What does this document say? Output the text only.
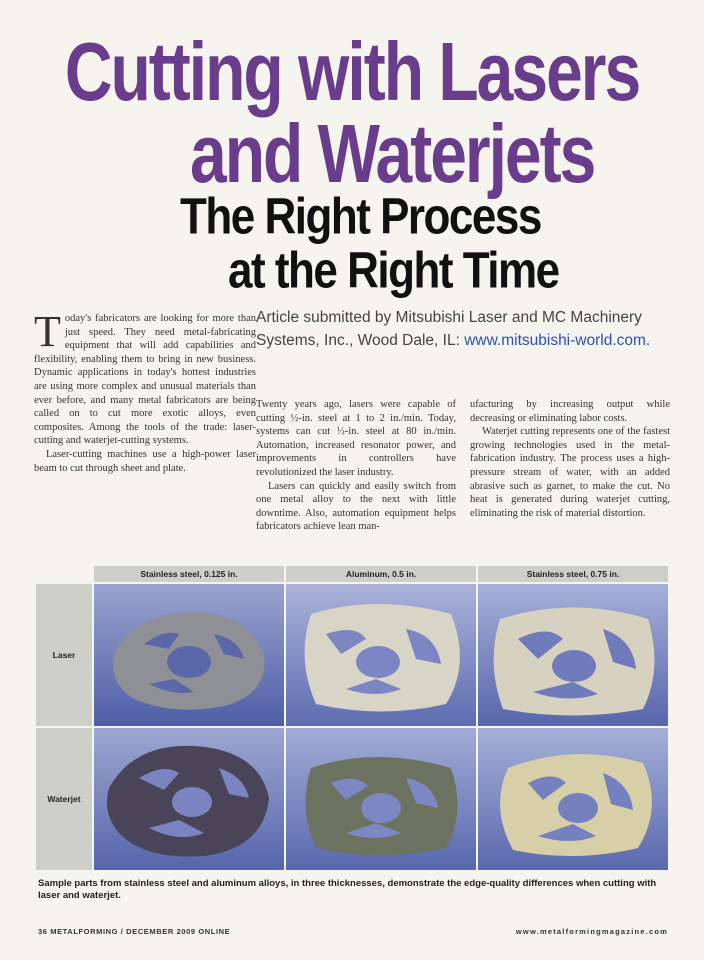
Cutting with Lasers
and Waterjets
The Right Process
at the Right Time
Article submitted by Mitsubishi Laser and MC Machinery Systems, Inc., Wood Dale, IL: www.mitsubishi-world.com.

Today's fabricators are looking for more than just speed. They need metal-fabricating equipment that will add capabilities and flexibility, enabling them to bring in new business. Dynamic applications in today's hottest industries are using more complex and unusual materials than ever before, and many metal fabricators are being called on to cut more exotic alloys, even composites. Among the tools of the trade: laser-cutting and waterjet-cutting systems.

Laser-cutting machines use a high-power laser beam to cut through sheet and plate.

Twenty years ago, lasers were capable of cutting ½-in. steel at 1 to 2 in./min. Today, systems can cut ½-in. steel at 80 in./min. Automation, increased resonator power, and improvements in controllers have revolutionized the laser industry.

Lasers can quickly and easily switch from one metal alloy to the next with little downtime. Also, automation equipment helps fabricators achieve lean man-

ufacturing by increasing output while decreasing or eliminating labor costs.

Waterjet cutting represents one of the fastest growing technologies used in the metal-fabrication industry. The process uses a high-pressure stream of water, with an added abrasive such as garnet, to make the cut. No heat is generated during waterjet cutting, eliminating the risk of material distortion.

Stainless steel, 0.125 in.	Aluminum, 0.5 in.	Stainless steel, 0.75 in.
Laser
Waterjet
Sample parts from stainless steel and aluminum alloys, in three thicknesses, demonstrate the edge-quality differences when cutting with laser and waterjet.
36 METALFORMING / DECEMBER 2009 ONLINE	www.metalformingmagazine.com
